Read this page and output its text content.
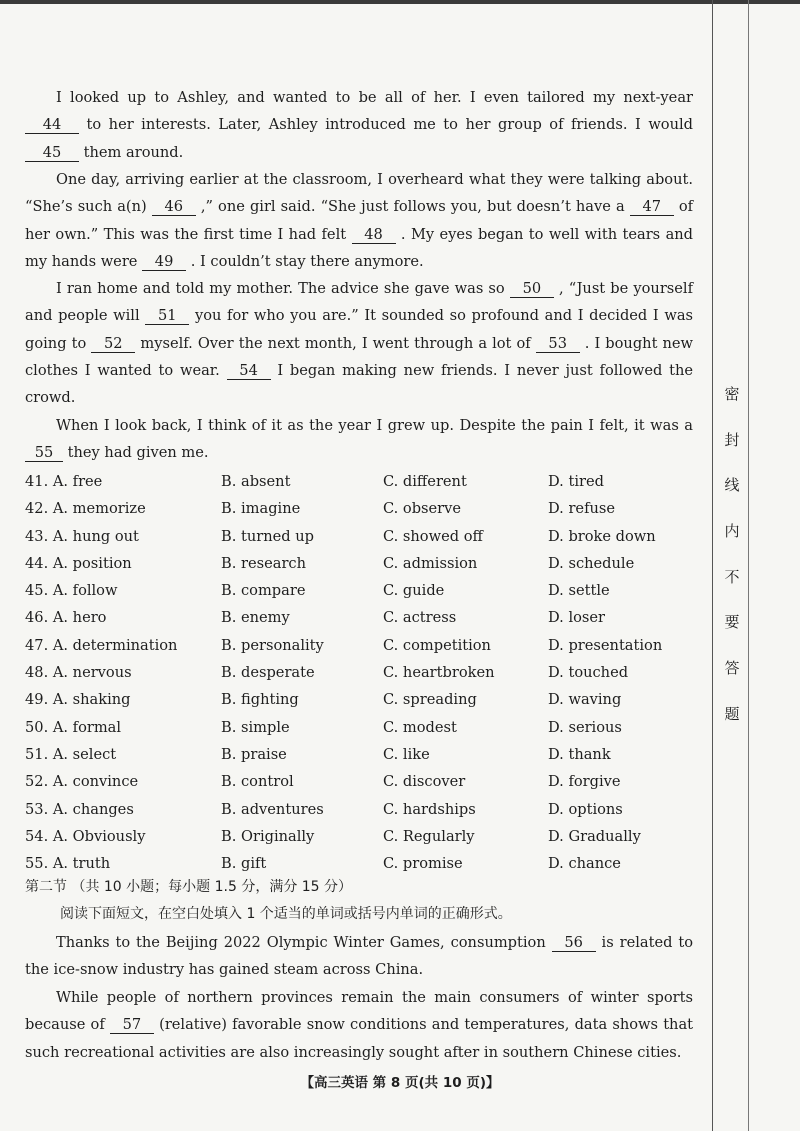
密
封
线
内
不
要
答
题

I looked up to Ashley, and wanted to be all of her. I even tailored my next-year 44 to her interests. Later, Ashley introduced me to her group of friends. I would 45 them around.

One day, arriving earlier at the classroom, I overheard what they were talking about. “She’s such a(n) 46 ,” one girl said. “She just follows you, but doesn’t have a 47 of her own.” This was the first time I had felt 48 . My eyes began to well with tears and my hands were 49 . I couldn’t stay there anymore.

I ran home and told my mother. The advice she gave was so 50 , “Just be yourself and people will 51 you for who you are.” It sounded so profound and I decided I was going to 52 myself. Over the next month, I went through a lot of 53 . I bought new clothes I wanted to wear. 54 I began making new friends. I never just followed the crowd.

When I look back, I think of it as the year I grew up. Despite the pain I felt, it was a 55 they had given me.

41. A. free	B. absent	C. different	D. tired
42. A. memorize	B. imagine	C. observe	D. refuse
43. A. hung out	B. turned up	C. showed off	D. broke down
44. A. position	B. research	C. admission	D. schedule
45. A. follow	B. compare	C. guide	D. settle
46. A. hero	B. enemy	C. actress	D. loser
47. A. determination	B. personality	C. competition	D. presentation
48. A. nervous	B. desperate	C. heartbroken	D. touched
49. A. shaking	B. fighting	C. spreading	D. waving
50. A. formal	B. simple	C. modest	D. serious
51. A. select	B. praise	C. like	D. thank
52. A. convince	B. control	C. discover	D. forgive
53. A. changes	B. adventures	C. hardships	D. options
54. A. Obviously	B. Originally	C. Regularly	D. Gradually
55. A. truth	B. gift	C. promise	D. chance
第二节 （共 10 小题；每小题 1.5 分，满分 15 分）
阅读下面短文，在空白处填入 1 个适当的单词或括号内单词的正确形式。

Thanks to the Beijing 2022 Olympic Winter Games, consumption 56 is related to the ice-snow industry has gained steam across China.

While people of northern provinces remain the main consumers of winter sports because of 57 (relative) favorable snow conditions and temperatures, data shows that such recreational activities are also increasingly sought after in southern Chinese cities.

【高三英语 第 8 页(共 10 页)】
